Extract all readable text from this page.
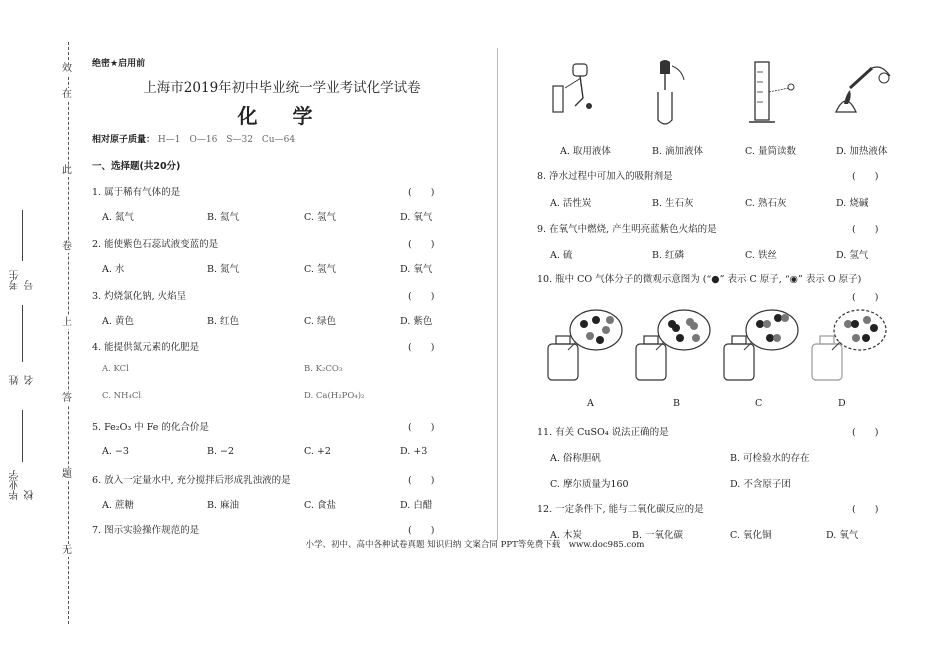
效
在
此
卷
上
答
题
无
考生号
姓名
毕业学校
绝密★启用前
上海市2019年初中毕业统一学业考试化学试卷
化 学
相对原子质量： H—1　O—16　S—32　Cu—64
一、选择题(共20分)
1. 属于稀有气体的是	(　　)
A. 氮气	B. 氦气	C. 氢气	D. 氧气
2. 能使紫色石蕊试液变蓝的是	(　　)
A. 水	B. 氮气	C. 氢气	D. 氧气
3. 灼烧氯化钠, 火焰呈	(　　)
A. 黄色	B. 红色	C. 绿色	D. 紫色
4. 能提供氮元素的化肥是	(　　)
A. KCl	B. K₂CO₃
C. NH₄Cl	D. Ca(H₂PO₄)₂
5. Fe₂O₃ 中 Fe 的化合价是	(　　)
A. −3	B. −2	C. +2	D. +3
6. 放入一定量水中, 充分搅拌后形成乳浊液的是	(　　)
A. 蔗糖	B. 麻油	C. 食盐	D. 白醋
7. 图示实验操作规范的是	(　　)
A. 取用液体	B. 滴加液体	C. 量筒读数	D. 加热液体
8. 净水过程中可加入的吸附剂是	(　　)
A. 活性炭	B. 生石灰	C. 熟石灰	D. 烧碱
9. 在氧气中燃烧, 产生明亮蓝紫色火焰的是	(　　)
A. 硫	B. 红磷	C. 铁丝	D. 氢气
10. 瓶中 CO 气体分子的微观示意图为 (“●” 表示 C 原子, “◉” 表示 O 原子)
(　　)
A	B	C	D
11. 有关 CuSO₄ 说法正确的是	(　　)
A. 俗称胆矾	B. 可检验水的存在
C. 摩尔质量为160	D. 不含原子团
12. 一定条件下, 能与二氧化碳反应的是	(　　)
A. 木炭	B. 一氧化碳	C. 氧化铜	D. 氧气
小学、初中、高中各种试卷真题 知识归纳 文案合同 PPT等免费下载　www.doc985.com
